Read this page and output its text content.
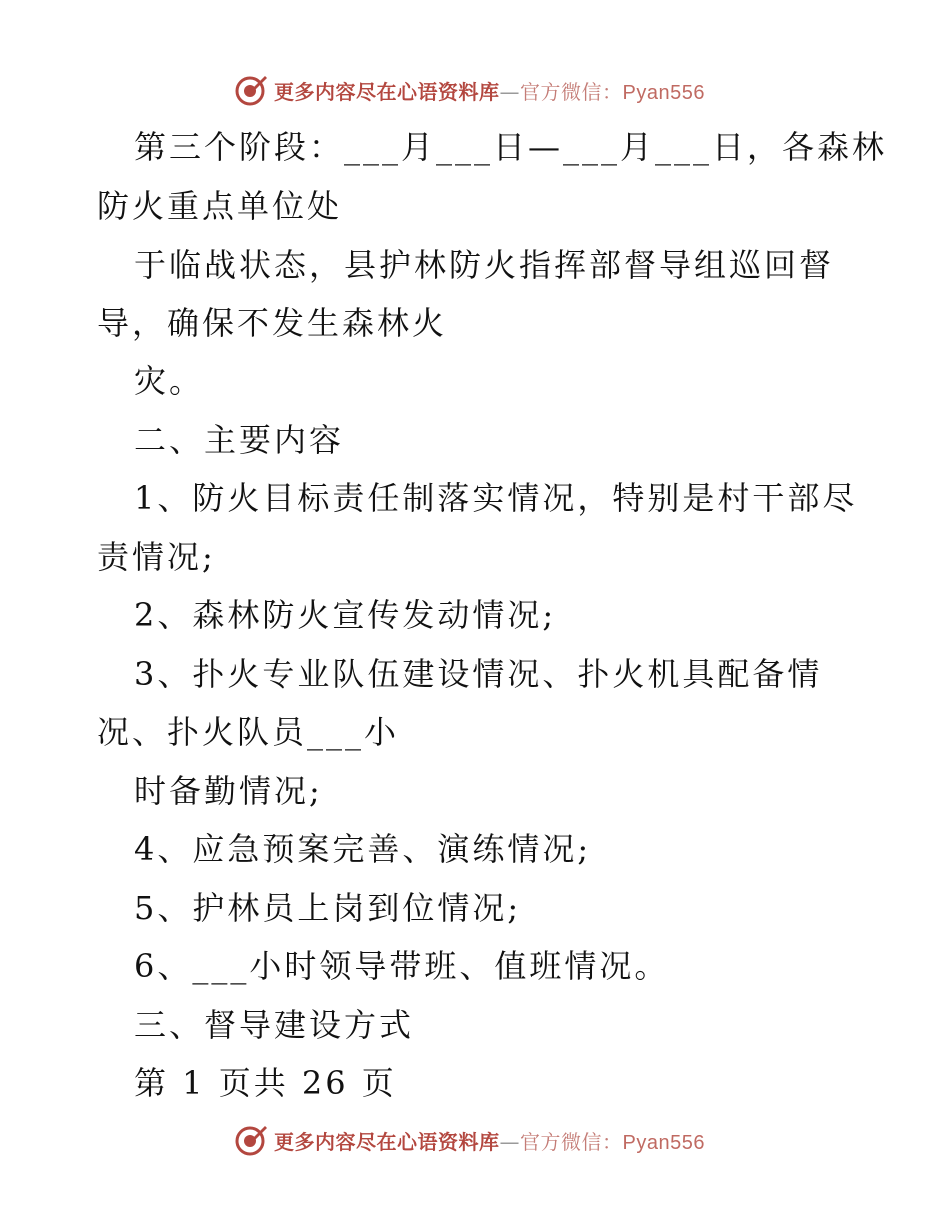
更多内容尽在心语资料库—官方微信：Pyan556
第三个阶段：___月___日—___月___日，各森林
防火重点单位处
于临战状态，县护林防火指挥部督导组巡回督
导，确保不发生森林火
灾。
二、主要内容
1、防火目标责任制落实情况，特别是村干部尽
责情况;
2、森林防火宣传发动情况;
3、扑火专业队伍建设情况、扑火机具配备情
况、扑火队员___小
时备勤情况;
4、应急预案完善、演练情况;
5、护林员上岗到位情况;
6、___小时领导带班、值班情况。
三、督导建设方式
第 1 页共 26 页
更多内容尽在心语资料库—官方微信：Pyan556
